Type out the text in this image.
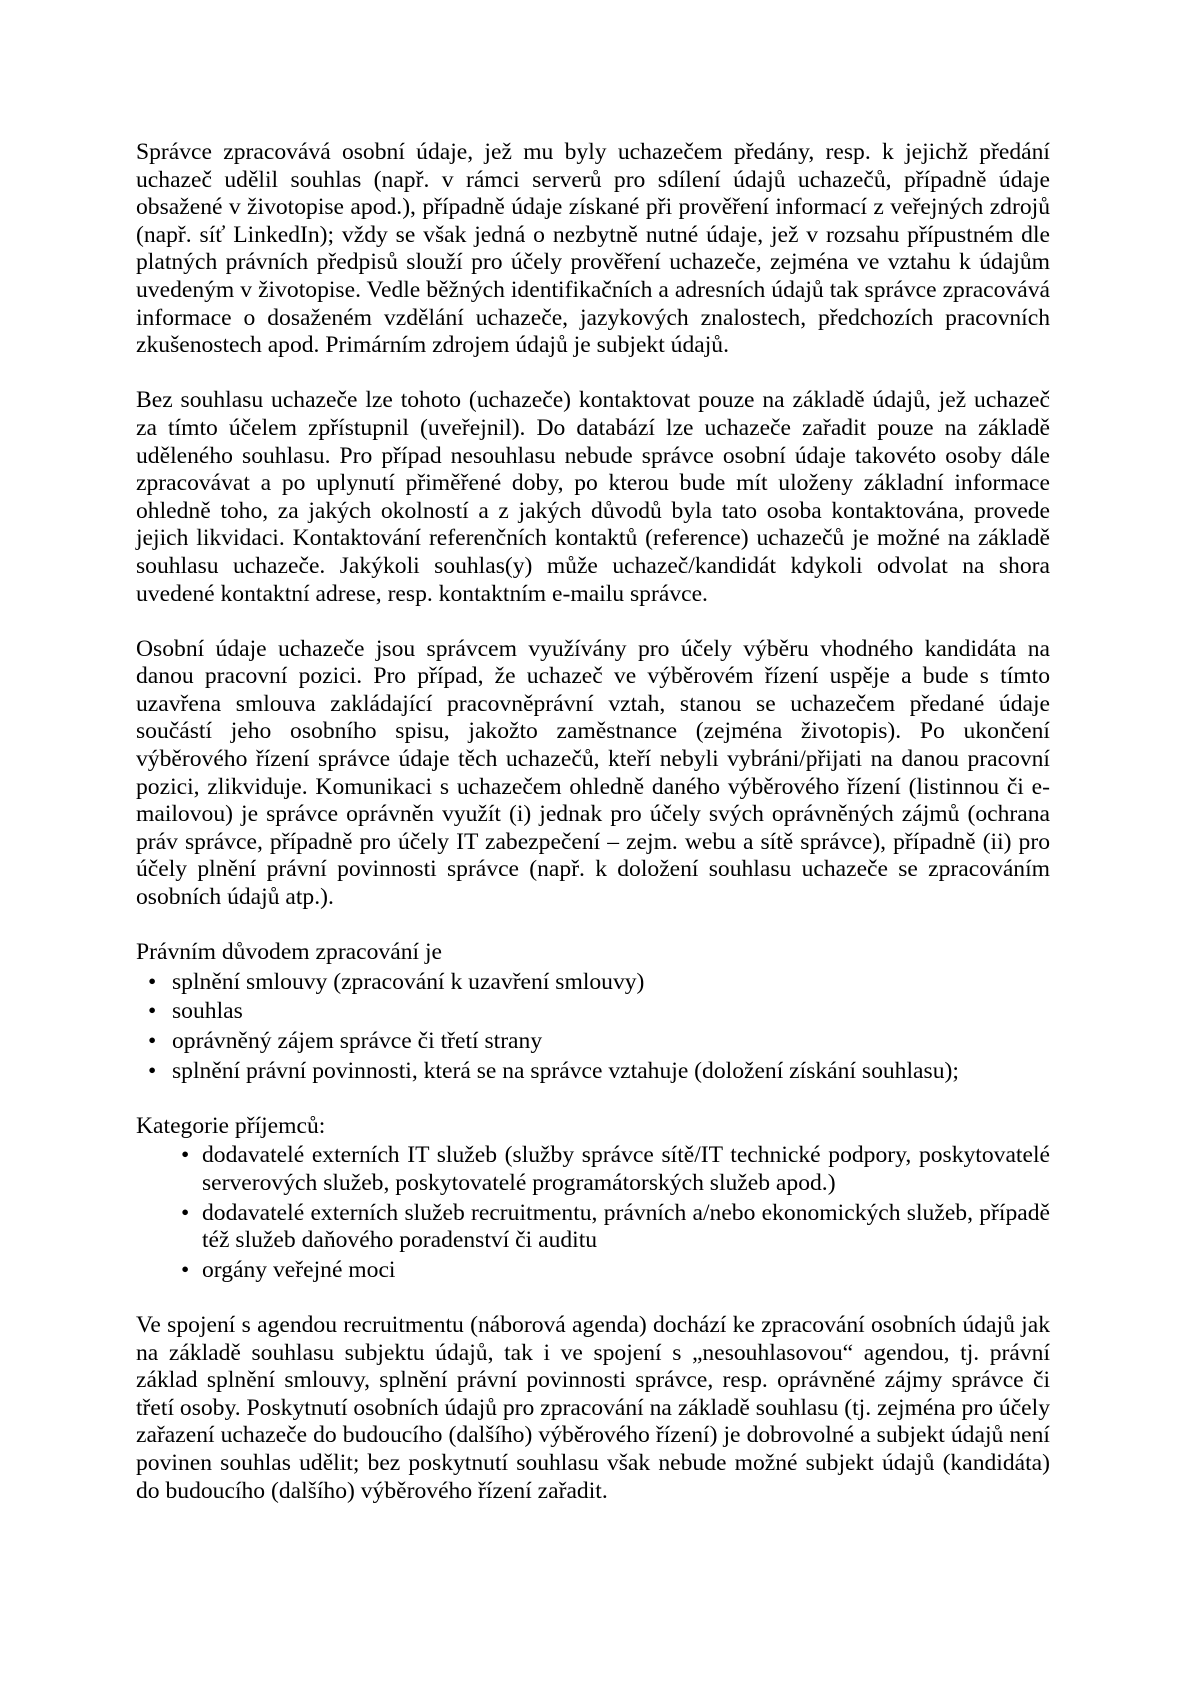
Správce zpracovává osobní údaje, jež mu byly uchazečem předány, resp. k jejichž předání uchazeč udělil souhlas (např. v rámci serverů pro sdílení údajů uchazečů, případně údaje obsažené v životopise apod.), případně údaje získané při prověření informací z veřejných zdrojů (např. síť LinkedIn); vždy se však jedná o nezbytně nutné údaje, jež v rozsahu přípustném dle platných právních předpisů slouží pro účely prověření uchazeče, zejména ve vztahu k údajům uvedeným v životopise. Vedle běžných identifikačních a adresních údajů tak správce zpracovává informace o dosaženém vzdělání uchazeče, jazykových znalostech, předchozích pracovních zkušenostech apod. Primárním zdrojem údajů je subjekt údajů.

Bez souhlasu uchazeče lze tohoto (uchazeče) kontaktovat pouze na základě údajů, jež uchazeč za tímto účelem zpřístupnil (uveřejnil). Do databází lze uchazeče zařadit pouze na základě uděleného souhlasu. Pro případ nesouhlasu nebude správce osobní údaje takovéto osoby dále zpracovávat a po uplynutí přiměřené doby, po kterou bude mít uloženy základní informace ohledně toho, za jakých okolností a z jakých důvodů byla tato osoba kontaktována, provede jejich likvidaci. Kontaktování referenčních kontaktů (reference) uchazečů je možné na základě souhlasu uchazeče. Jakýkoli souhlas(y) může uchazeč/kandidát kdykoli odvolat na shora uvedené kontaktní adrese, resp. kontaktním e-mailu správce.

Osobní údaje uchazeče jsou správcem využívány pro účely výběru vhodného kandidáta na danou pracovní pozici. Pro případ, že uchazeč ve výběrovém řízení uspěje a bude s tímto uzavřena smlouva zakládající pracovněprávní vztah, stanou se uchazečem předané údaje součástí jeho osobního spisu, jakožto zaměstnance (zejména životopis). Po ukončení výběrového řízení správce údaje těch uchazečů, kteří nebyli vybráni/přijati na danou pracovní pozici, zlikviduje. Komunikaci s uchazečem ohledně daného výběrového řízení (listinnou či e-mailovou) je správce oprávněn využít (i) jednak pro účely svých oprávněných zájmů (ochrana práv správce, případně pro účely IT zabezpečení – zejm. webu a sítě správce), případně (ii) pro účely plnění právní povinnosti správce (např. k doložení souhlasu uchazeče se zpracováním osobních údajů atp.).

Právním důvodem zpracování je

• splnění smlouvy (zpracování k uzavření smlouvy)
• souhlas
• oprávněný zájem správce či třetí strany
• splnění právní povinnosti, která se na správce vztahuje (doložení získání souhlasu);

Kategorie příjemců:

• dodavatelé externích IT služeb (služby správce sítě/IT technické podpory, poskytovatelé serverových služeb, poskytovatelé programátorských služeb apod.)
• dodavatelé externích služeb recruitmentu, právních a/nebo ekonomických služeb, případě též služeb daňového poradenství či auditu
• orgány veřejné moci

Ve spojení s agendou recruitmentu (náborová agenda) dochází ke zpracování osobních údajů jak na základě souhlasu subjektu údajů, tak i ve spojení s „nesouhlasovou“ agendou, tj. právní základ splnění smlouvy, splnění právní povinnosti správce, resp. oprávněné zájmy správce či třetí osoby. Poskytnutí osobních údajů pro zpracování na základě souhlasu (tj. zejména pro účely zařazení uchazeče do budoucího (dalšího) výběrového řízení) je dobrovolné a subjekt údajů není povinen souhlas udělit; bez poskytnutí souhlasu však nebude možné subjekt údajů (kandidáta) do budoucího (dalšího) výběrového řízení zařadit.
